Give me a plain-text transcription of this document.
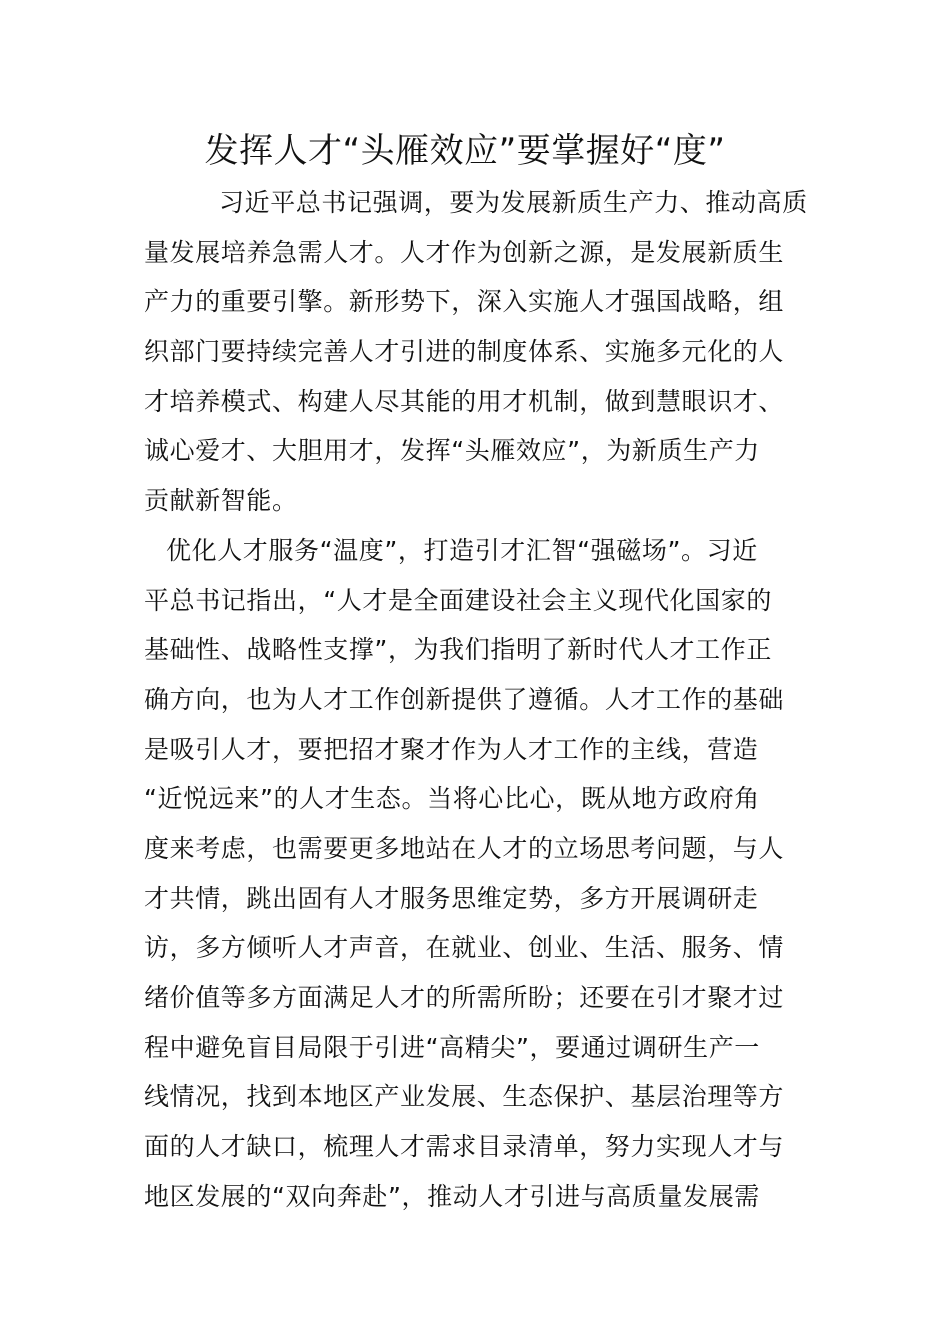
发挥人才“头雁效应”要掌握好“度”
习近平总书记强调，要为发展新质生产力、推动高质
量发展培养急需人才。人才作为创新之源，是发展新质生
产力的重要引擎。新形势下，深入实施人才强国战略，组
织部门要持续完善人才引进的制度体系、实施多元化的人
才培养模式、构建人尽其能的用才机制，做到慧眼识才、
诚心爱才、大胆用才，发挥“头雁效应”，为新质生产力
贡献新智能。
优化人才服务“温度”，打造引才汇智“强磁场”。习近
平总书记指出，“人才是全面建设社会主义现代化国家的
基础性、战略性支撑”，为我们指明了新时代人才工作正
确方向，也为人才工作创新提供了遵循。人才工作的基础
是吸引人才，要把招才聚才作为人才工作的主线，营造
“近悦远来”的人才生态。当将心比心，既从地方政府角
度来考虑，也需要更多地站在人才的立场思考问题，与人
才共情，跳出固有人才服务思维定势，多方开展调研走
访，多方倾听人才声音，在就业、创业、生活、服务、情
绪价值等多方面满足人才的所需所盼；还要在引才聚才过
程中避免盲目局限于引进“高精尖”，要通过调研生产一
线情况，找到本地区产业发展、生态保护、基层治理等方
面的人才缺口，梳理人才需求目录清单，努力实现人才与
地区发展的“双向奔赴”，推动人才引进与高质量发展需
